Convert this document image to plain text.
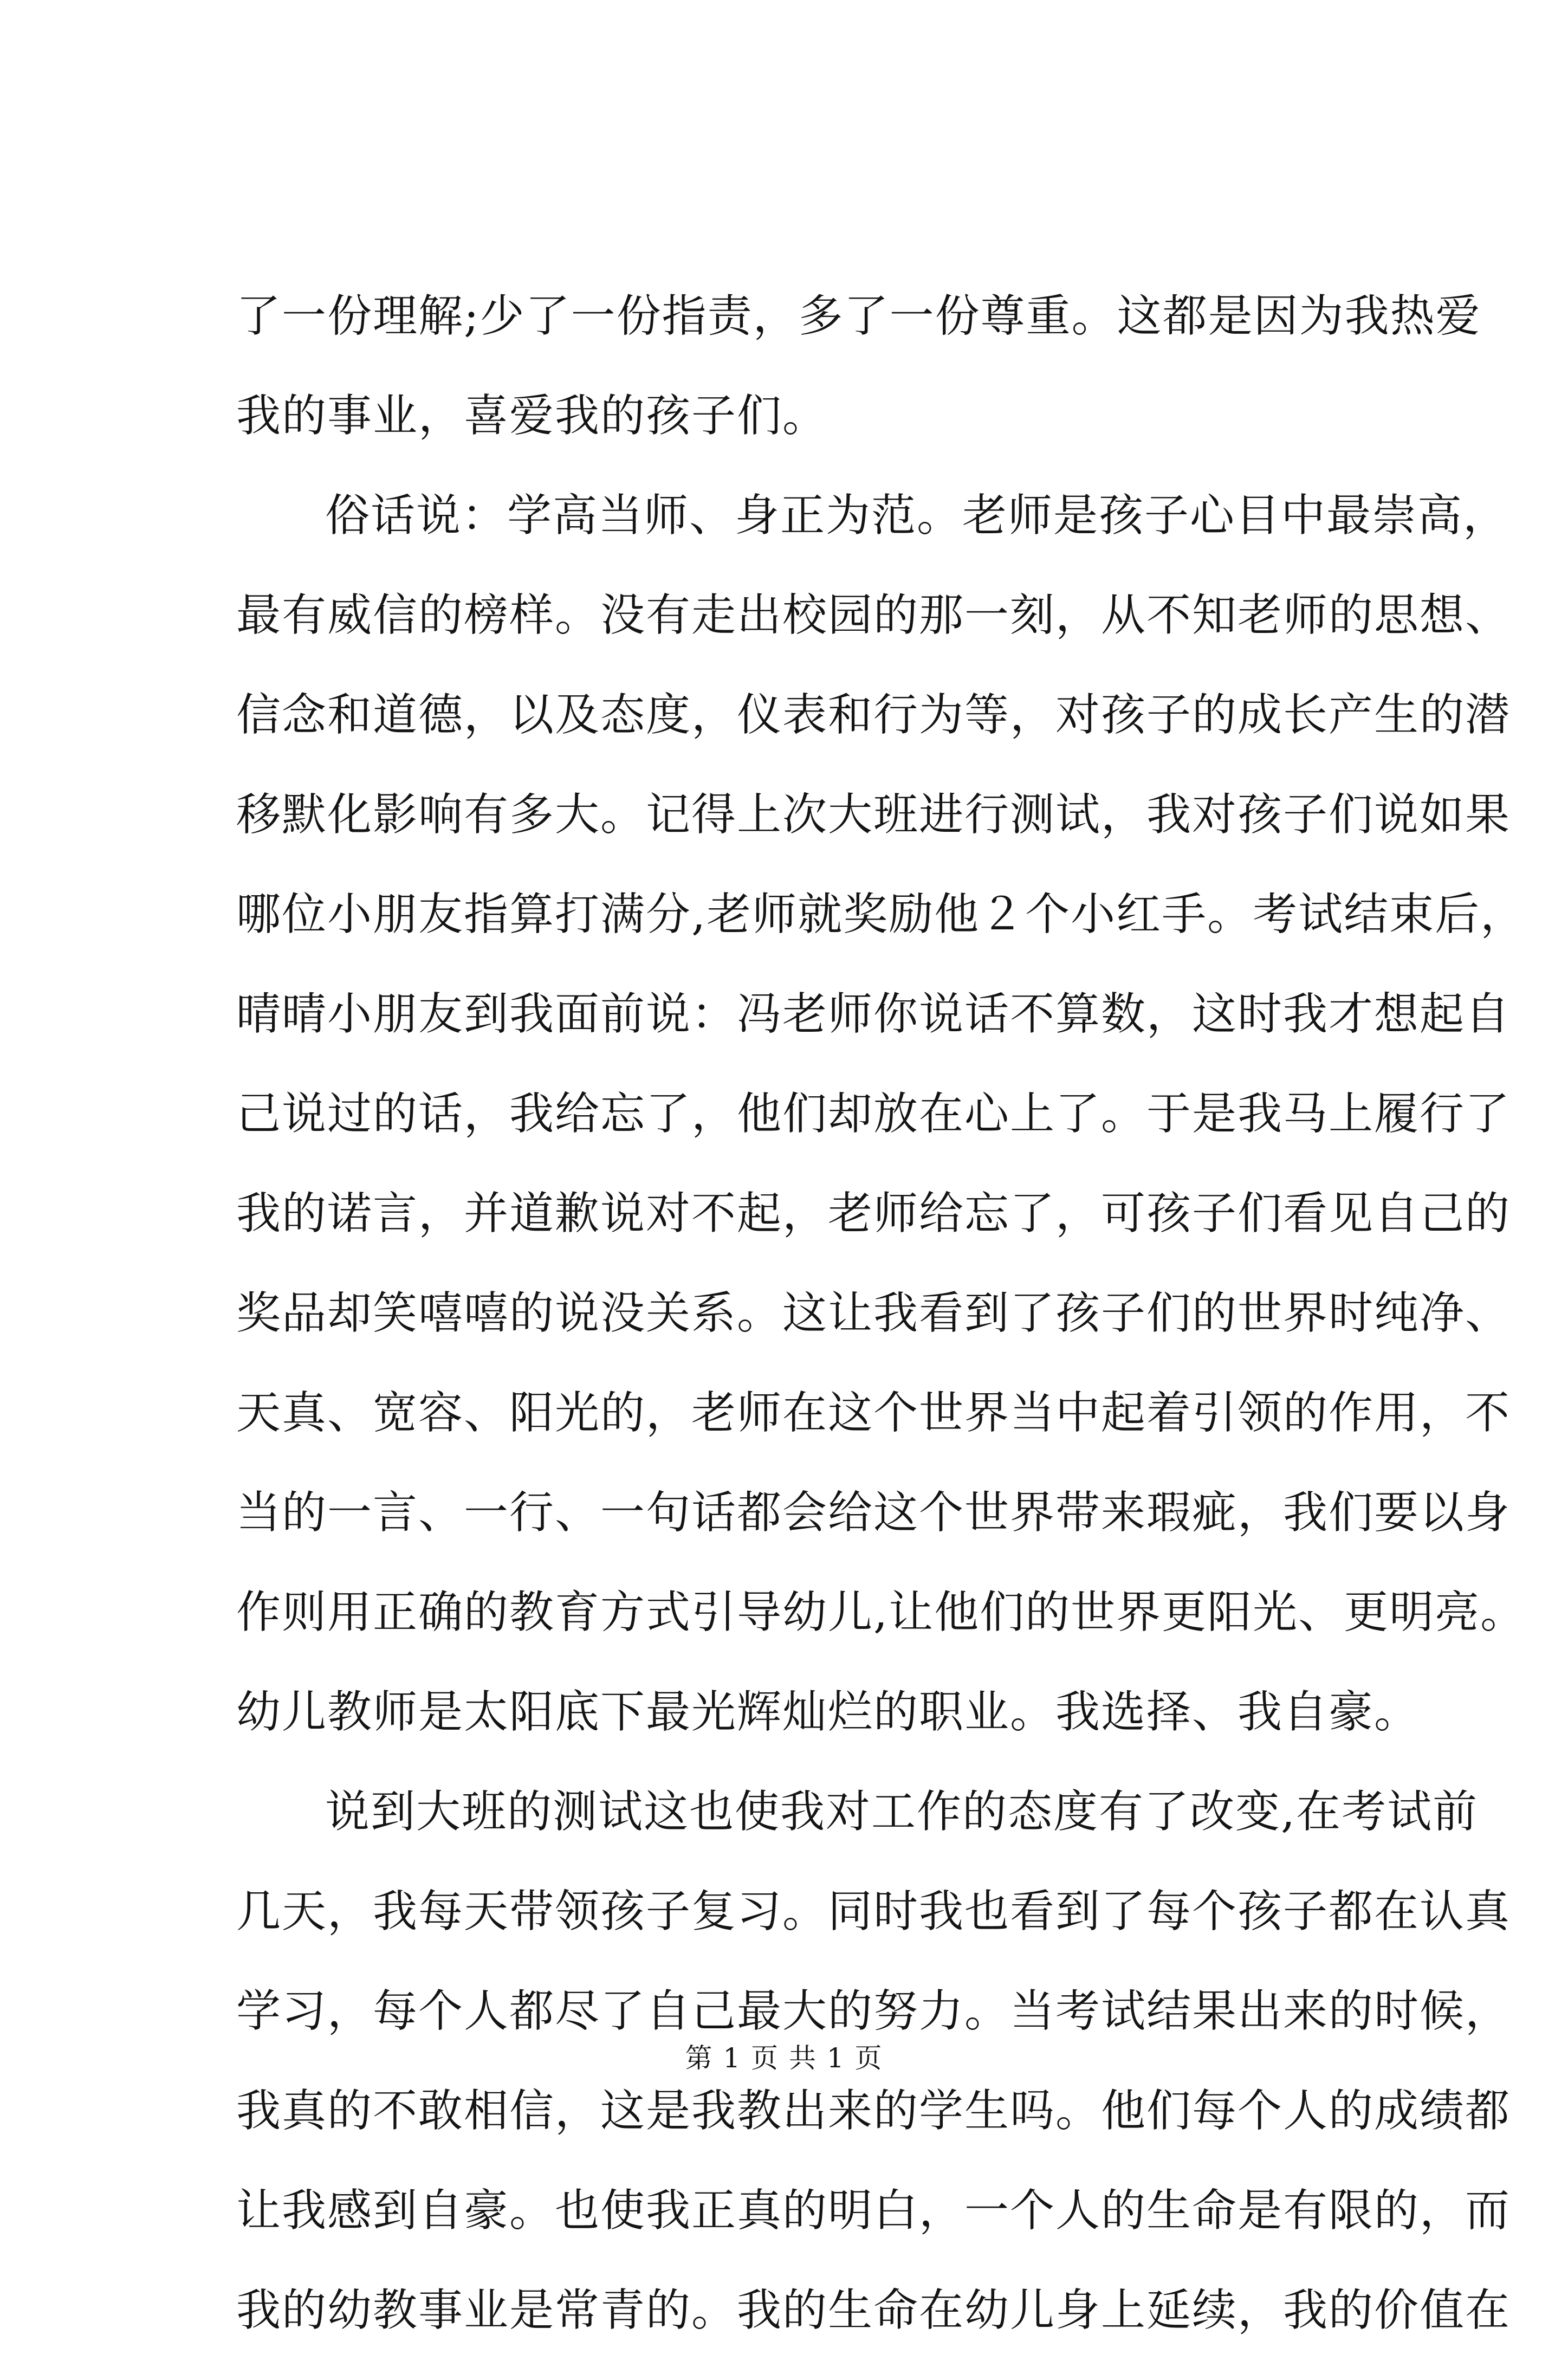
了一份理解;少了一份指责，多了一份尊重。这都是因为我热爱
我的事业，喜爱我的孩子们。
俗话说：学高当师、身正为范。老师是孩子心目中最崇高，
最有威信的榜样。没有走出校园的那一刻，从不知老师的思想、
信念和道德，以及态度，仪表和行为等，对孩子的成长产生的潜
移默化影响有多大。记得上次大班进行测试，我对孩子们说如果
哪位小朋友指算打满分,老师就奖励他２个小红手。考试结束后，
晴晴小朋友到我面前说：冯老师你说话不算数，这时我才想起自
己说过的话，我给忘了，他们却放在心上了。于是我马上履行了
我的诺言，并道歉说对不起，老师给忘了，可孩子们看见自己的
奖品却笑嘻嘻的说没关系。这让我看到了孩子们的世界时纯净、
天真、宽容、阳光的，老师在这个世界当中起着引领的作用，不
当的一言、一行、一句话都会给这个世界带来瑕疵，我们要以身
作则用正确的教育方式引导幼儿,让他们的世界更阳光、更明亮。
幼儿教师是太阳底下最光辉灿烂的职业。我选择、我自豪。
说到大班的测试这也使我对工作的态度有了改变,在考试前
几天，我每天带领孩子复习。同时我也看到了每个孩子都在认真
学习，每个人都尽了自己最大的努力。当考试结果出来的时候，
我真的不敢相信，这是我教出来的学生吗。他们每个人的成绩都
让我感到自豪。也使我正真的明白，一个人的生命是有限的，而
我的幼教事业是常青的。我的生命在幼儿身上延续，我的价值在
第 1 页 共 1 页
